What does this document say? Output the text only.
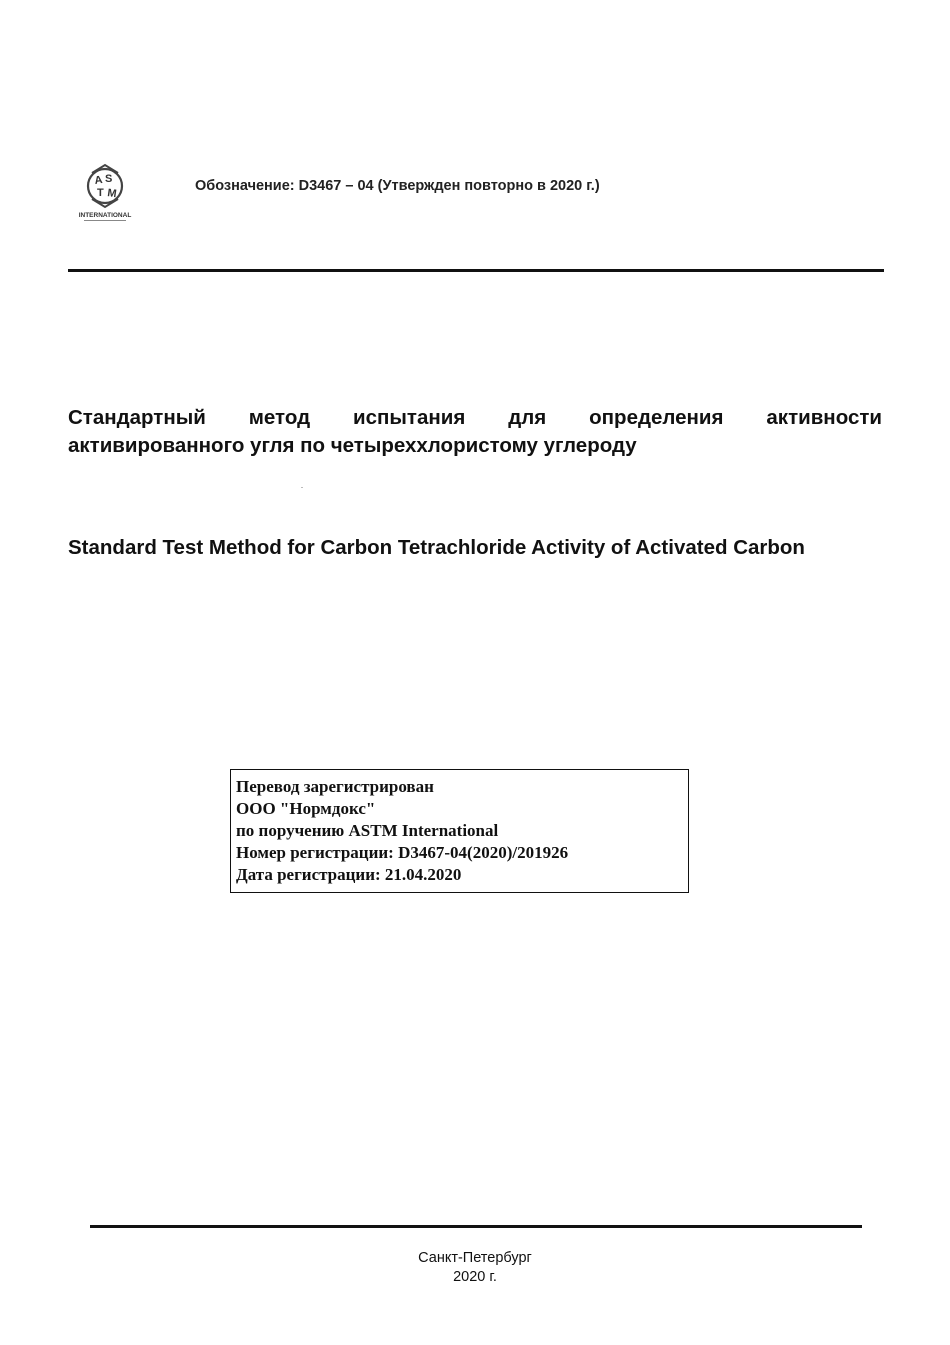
A S
T M
INTERNATIONAL
Обозначение: D3467 – 04 (Утвержден повторно в 2020 г.)
Стандартный метод испытания для определения активности
активированного угля по четыреххлористому углероду
Standard Test Method for Carbon Tetrachloride Activity of Activated Carbon
Перевод зарегистрирован
ООО "Нормдокс"
по поручению ASTM International
Номер регистрации: D3467-04(2020)/201926
Дата регистрации: 21.04.2020
Санкт-Петербург
2020 г.
